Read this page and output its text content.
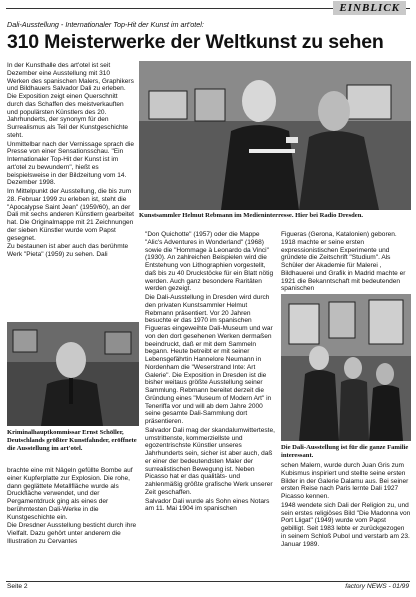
EINBLICK
Dali-Ausstellung - Internationaler Top-Hit der Kunst im art'otel:
310 Meisterwerke der Weltkunst zu sehen
Kunstsammler Helmut Rebmann im Medieninterresse. Hier bei Radio Dresden.

In der Kunsthalle des art'otel ist seit Dezember eine Ausstellung mit 310 Werken des spanischen Malers, Graphikers und Bildhauers Salvador Dali zu erleben. Die Exposition zeigt einen Querschnitt durch das Schaffen des meistverkauften und populärsten Künstlers des 20. Jahrhunderts, der synonym für den Surrealismus als Teil der Kunstgeschichte steht.

Unmittelbar nach der Vernissage sprach die Presse von einer Sensationsschau. "Ein Internationaler Top-Hit der Kunst ist im art'otel zu bewundern", hießt es beispielsweise in der Bildzeitung vom 14. Dezember 1998.

Im Mittelpunkt der Ausstellung, die bis zum 28. Februar 1999 zu erleben ist, steht die "Apocalypse Saint Jean" (1959/60), an der Dali mit sechs anderen Künstlern gearbeitet hat. Die Originalmappe mit 21 Zeichnungen der sieben Künstler wurde vom Papst gesegnet.

Zu bestaunen ist aber auch das berühmte Werk "Pieta" (1959) zu sehen. Dali

Kriminalhauptkommissar Ernst Schöller, Deutschlands größter Kunstfahnder, eröffnete die Ausstellung im art'otel.

brachte eine mit Nägeln gefüllte Bombe auf einer Kupferplatte zur Explosion. Die rohe, dann geglättete Metallfläche wurde als Druckfläche verwendet, und der Pergamentdruck ging als eines der berühmtesten Dali-Werke in die Kunstgeschichte ein.

Die Dresdner Ausstellung besticht durch ihre Vielfalt. Dazu gehört unter anderem die Illustration zu Cervantes

"Don Quichotte" (1957) oder die Mappe "Alic's Adventures in Wonderland" (1968) sowie die "Hommage à Leonardo da Vinci" (1930). An zahlreichen Beispielen wird die Entstehung von Lithographien vorgestellt, daß bis zu 40 Druckstöcke für ein Blatt nötig werden. Auch ganz besondere Raritäten werden gezeigt.

Die Dali-Ausstellung in Dresden wird durch den privaten Kunstsammler Helmut Rebmann präsentiert. Vor 20 Jahren besuchte er das 1970 im spanischen Figueras eingeweihte Dali-Museum und war von den dort gesehenen Werken dermaßen beeindruckt, daß er mit dem Sammeln begann. Heute betreibt er mit seiner Lebensgefährtin Hannelore Neumann in Nordenham die "Weserstrand Inte: Art Galerie". Die Exposition in Dresden ist die bisher weitaus größte Ausstellung seiner Sammlung. Rebmann bereitet derzeit die Gründung eines "Museum of Modern Art" in Teneriffa vor und will ab dem Jahre 2000 seine gesamte Dali-Sammlung dort präsentieren.

Salvador Dali mag der skandalumwitterteste, umstrittenste, kommerziellste und egozentrischste Künstler unseres Jahrhunderts sein, sicher ist aber auch, daß er einer der bedeutendsten Maler der surrealistischen Bewegung ist. Neben Picasso hat er das qualitäts- und zahlenmäßig größte grafische Werk unserer Zeit geschaffen.

Salvador Dali wurde als Sohn eines Notars am 11. Mai 1904 im spanischen

Figueras (Gerona, Katalonien) geboren. 1918 machte er seine ersten expressionistischen Experimente und gründete die Zeitschrift "Studium". Als Schüler der Akademie für Malerei , Bildhauerei und Grafik in Madrid machte er 1921 die Bekanntschaft mit bedeutenden spanischen

Die Dali-Ausstellung ist für die ganze Familie interessant.

schen Malern, wurde durch Juan Gris zum Kubismus inspiriert und stellte seine ersten Bilder in der Galerie Dalamu aus. Bei seiner ersten Reise nach Paris lernte Dali 1927 Picasso kennen.

1948 wendete sich Dali der Religion zu, und sein erstes religiöses Bild "Die Madonna von Port Lligat" (1949) wurde vom Papst gebilligt. Seit 1983 lebte er zurückgezogen in seinem Schloß Pubol und verstarb am 23. Januar 1989.

Seite 2	factory NEWS - 01/99
